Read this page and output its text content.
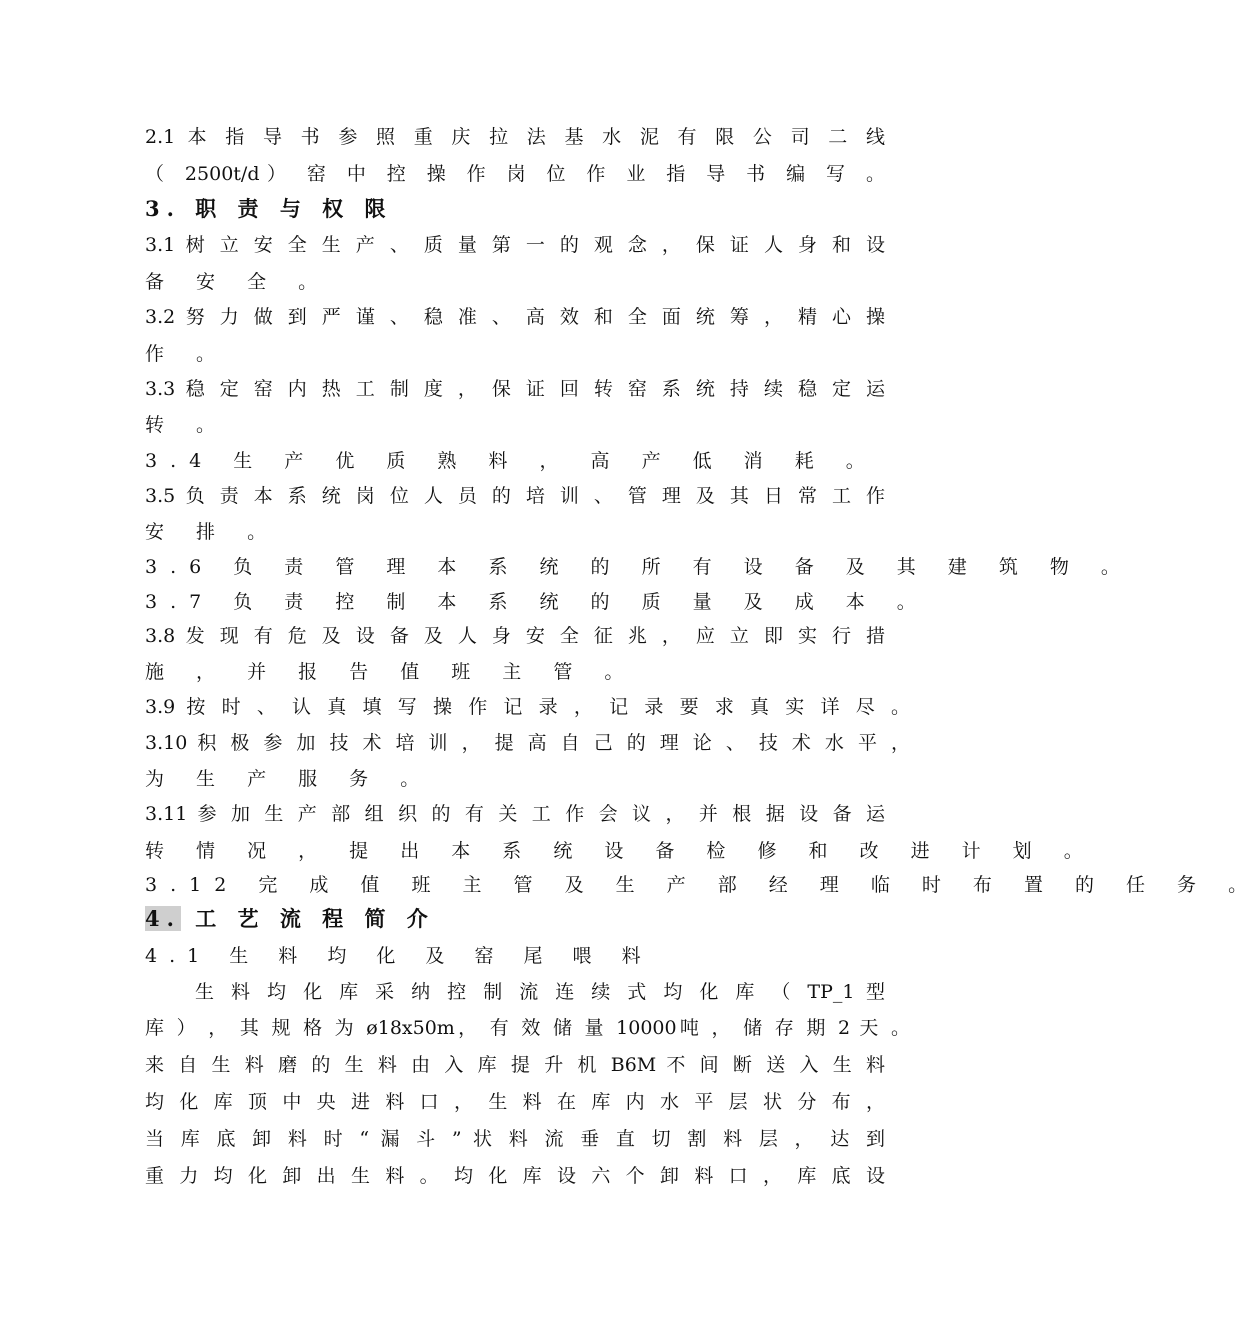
2.1 本 指 导 书 参 照 重 庆 拉 法 基 水 泥 有 限 公 司 二 线
（ 2500t/d） 窑 中 控 操 作 岗 位 作 业 指 导 书 编 写 。
3. 职 责 与 权 限
3.1 树 立 安 全 生 产 、 质 量 第 一 的 观 念 ， 保 证 人 身 和 设
备 安 全 。
3.2 努 力 做 到 严 谨 、 稳 准 、 高 效 和 全 面 统 筹 ， 精 心 操
作 。
3.3 稳 定 窑 内 热 工 制 度 ， 保 证 回 转 窑 系 统 持 续 稳 定 运
转 。
3.4 生 产 优 质 熟 料 ， 高 产 低 消 耗 。
3.5 负 责 本 系 统 岗 位 人 员 的 培 训 、 管 理 及 其 日 常 工 作
安 排 。
3.6 负 责 管 理 本 系 统 的 所 有 设 备 及 其 建 筑 物 。
3.7 负 责 控 制 本 系 统 的 质 量 及 成 本 。
3.8 发 现 有 危 及 设 备 及 人 身 安 全 征 兆 ， 应 立 即 实 行 措
施 ， 并 报 告 值 班 主 管 。
3.9 按 时 、 认 真 填 写 操 作 记 录 ， 记 录 要 求 真 实 详 尽 。
3.10 积 极 参 加 技 术 培 训 ， 提 高 自 己 的 理 论 、 技 术 水 平 ，
为 生 产 服 务 。
3.11 参 加 生 产 部 组 织 的 有 关 工 作 会 议 ， 并 根 据 设 备 运
转 情 况 ， 提 出 本 系 统 设 备 检 修 和 改 进 计 划 。
3.12 完 成 值 班 主 管 及 生 产 部 经 理 临 时 布 置 的 任 务 。
4. 工 艺 流 程 简 介
4.1 生 料 均 化 及 窑 尾 喂 料
生 料 均 化 库 采 纳 控 制 流 连 续 式 均 化 库 （ TP_1 型
库 ） ， 其 规 格 为 ø18x50m， 有 效 储 量 10000吨 ， 储 存 期 2 天 。
来 自 生 料 磨 的 生 料 由 入 库 提 升 机 B6M 不 间 断 送 入 生 料
均 化 库 顶 中 央 进 料 口 ， 生 料 在 库 内 水 平 层 状 分 布 ，
当 库 底 卸 料 时 “ 漏 斗 ” 状 料 流 垂 直 切 割 料 层 ， 达 到
重 力 均 化 卸 出 生 料 。 均 化 库 设 六 个 卸 料 口 ， 库 底 设
